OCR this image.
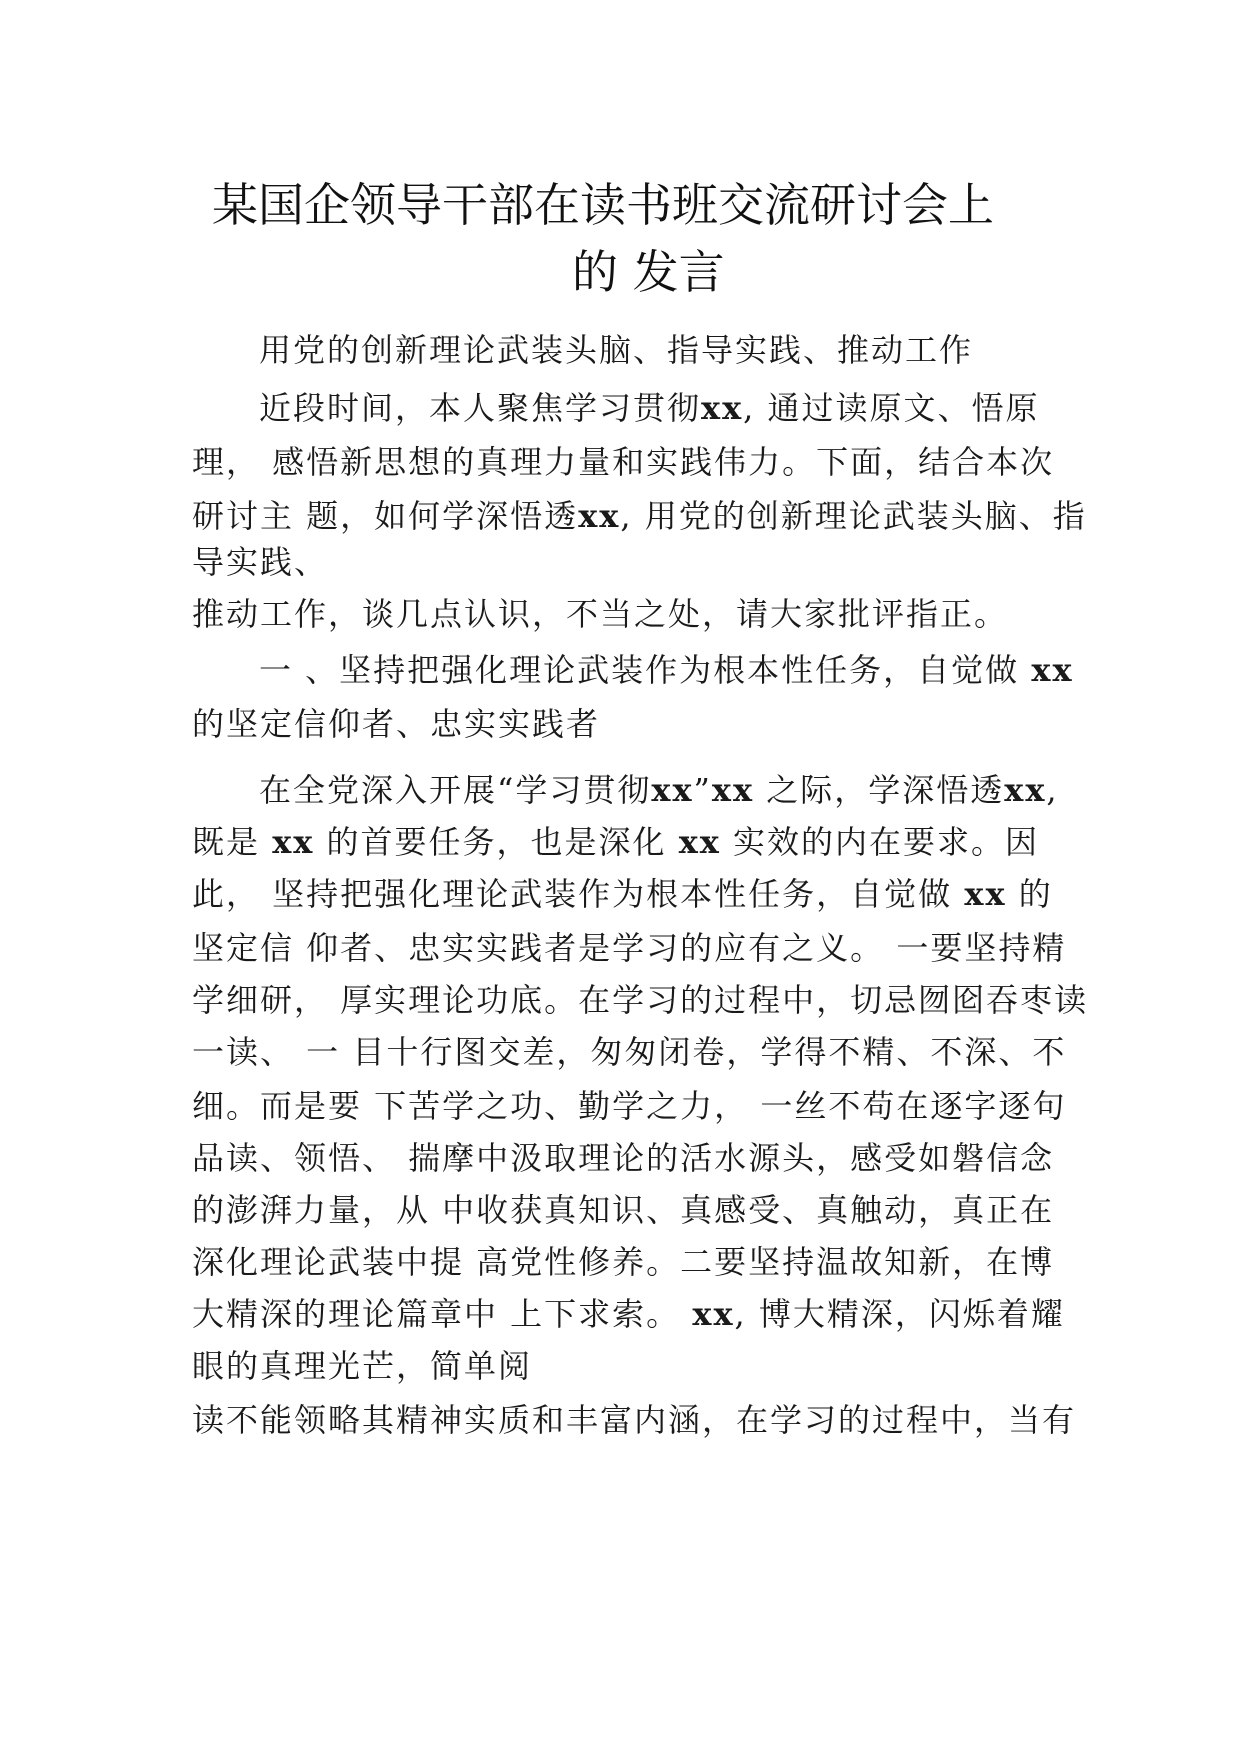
某国企领导干部在读书班交流研讨会上
的 发言

用党的创新理论武装头脑、指导实践、推动工作

近段时间，本人聚焦学习贯彻xx, 通过读原文、悟原

理， 感悟新思想的真理力量和实践伟力。下面，结合本次

研讨主 题，如何学深悟透xx, 用党的创新理论武装头脑、指

导实践、

推动工作，谈几点认识，不当之处，请大家批评指正。

一 、坚持把强化理论武装作为根本性任务，自觉做 xx

的坚定信仰者、忠实实践者

在全党深入开展“学习贯彻xx”xx 之际，学深悟透xx,

既是 xx 的首要任务，也是深化 xx 实效的内在要求。因

此， 坚持把强化理论武装作为根本性任务，自觉做 xx 的

坚定信 仰者、忠实实践者是学习的应有之义。 一要坚持精

学细研， 厚实理论功底。在学习的过程中，切忌囫囵吞枣读

一读、 一 目十行图交差，匆匆闭卷，学得不精、不深、不

细。而是要 下苦学之功、勤学之力， 一丝不苟在逐字逐句

品读、领悟、 揣摩中汲取理论的活水源头，感受如磐信念

的澎湃力量，从 中收获真知识、真感受、真触动，真正在

深化理论武装中提 高党性修养。二要坚持温故知新，在博

大精深的理论篇章中 上下求索。 xx, 博大精深，闪烁着耀

眼的真理光芒，简单阅

读不能领略其精神实质和丰富内涵，在学习的过程中，当有
